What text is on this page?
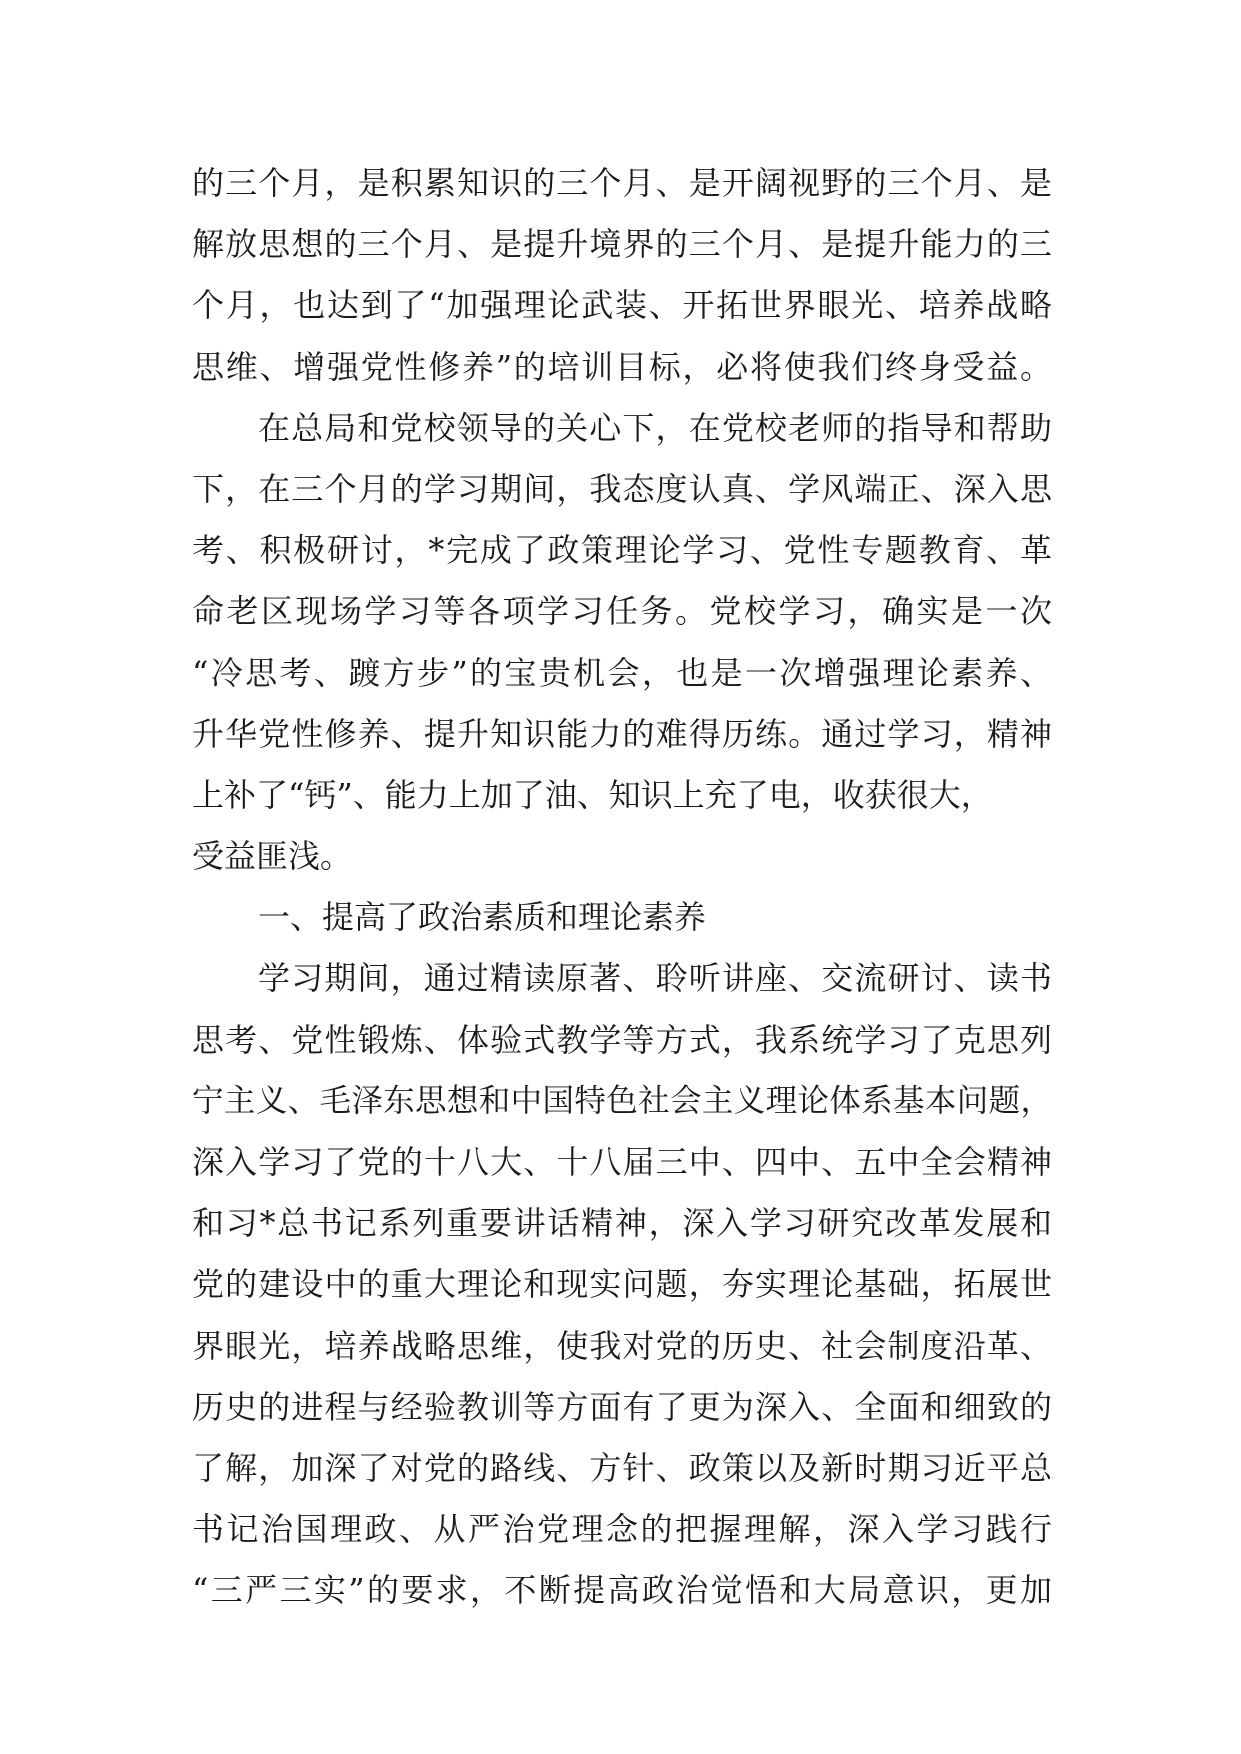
的三个月，是积累知识的三个月、是开阔视野的三个月、是
解放思想的三个月、是提升境界的三个月、是提升能力的三
个月，也达到了“加强理论武装、开拓世界眼光、培养战略
思维、增强党性修养”的培训目标，必将使我们终身受益。
在总局和党校领导的关心下，在党校老师的指导和帮助
下，在三个月的学习期间，我态度认真、学风端正、深入思
考、积极研讨，*完成了政策理论学习、党性专题教育、革
命老区现场学习等各项学习任务。党校学习，确实是一次
“冷思考、踱方步”的宝贵机会，也是一次增强理论素养、
升华党性修养、提升知识能力的难得历练。通过学习，精神
上补了“钙”、能力上加了油、知识上充了电，收获很大，
受益匪浅。
一、提高了政治素质和理论素养
学习期间，通过精读原著、聆听讲座、交流研讨、读书
思考、党性锻炼、体验式教学等方式，我系统学习了克思列
宁主义、毛泽东思想和中国特色社会主义理论体系基本问题，
深入学习了党的十八大、十八届三中、四中、五中全会精神
和习*总书记系列重要讲话精神，深入学习研究改革发展和
党的建设中的重大理论和现实问题，夯实理论基础，拓展世
界眼光，培养战略思维，使我对党的历史、社会制度沿革、
历史的进程与经验教训等方面有了更为深入、全面和细致的
了解，加深了对党的路线、方针、政策以及新时期习近平总
书记治国理政、从严治党理念的把握理解，深入学习践行
“三严三实”的要求，不断提高政治觉悟和大局意识，更加
